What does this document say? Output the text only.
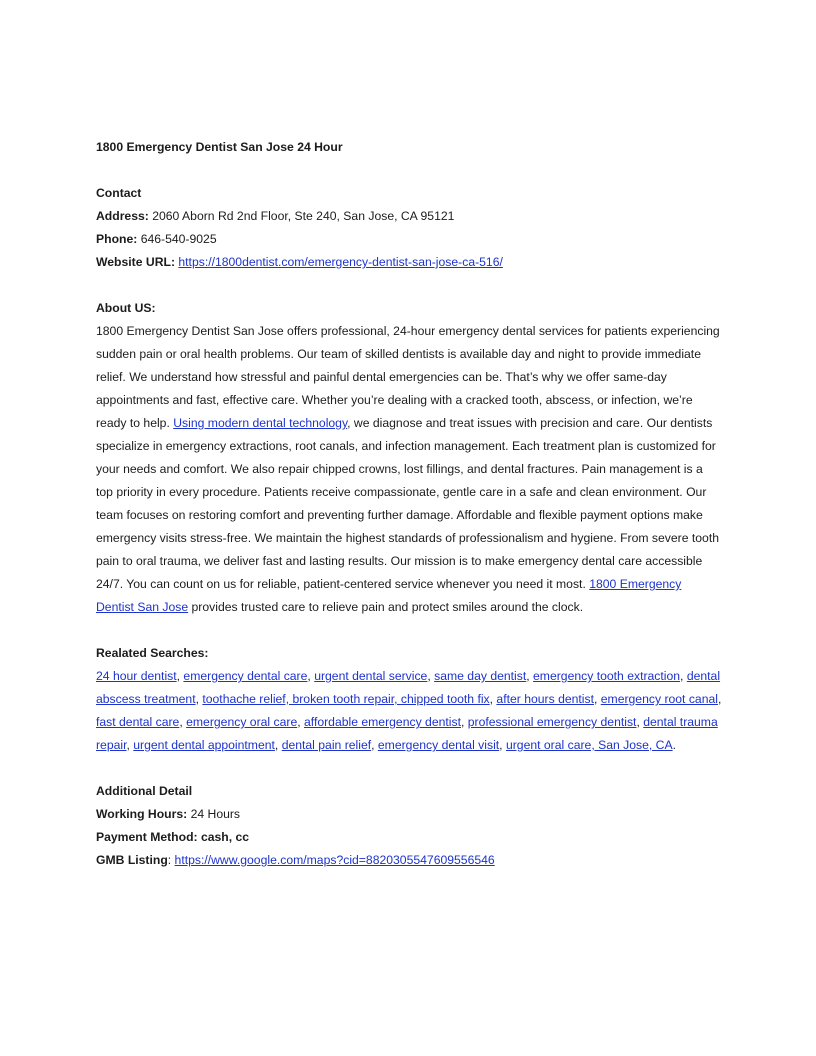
1800 Emergency Dentist San Jose 24 Hour

Contact

Address: 2060 Aborn Rd 2nd Floor, Ste 240, San Jose, CA 95121

Phone: 646-540-9025

Website URL: https://1800dentist.com/emergency-dentist-san-jose-ca-516/

About US:

1800 Emergency Dentist San Jose offers professional, 24-hour emergency dental services for patients experiencing sudden pain or oral health problems. Our team of skilled dentists is available day and night to provide immediate relief. We understand how stressful and painful dental emergencies can be. That’s why we offer same-day appointments and fast, effective care. Whether you’re dealing with a cracked tooth, abscess, or infection, we’re ready to help. Using modern dental technology, we diagnose and treat issues with precision and care. Our dentists specialize in emergency extractions, root canals, and infection management. Each treatment plan is customized for your needs and comfort. We also repair chipped crowns, lost fillings, and dental fractures. Pain management is a top priority in every procedure. Patients receive compassionate, gentle care in a safe and clean environment. Our team focuses on restoring comfort and preventing further damage. Affordable and flexible payment options make emergency visits stress-free. We maintain the highest standards of professionalism and hygiene. From severe tooth pain to oral trauma, we deliver fast and lasting results. Our mission is to make emergency dental care accessible 24/7. You can count on us for reliable, patient-centered service whenever you need it most. 1800 Emergency Dentist San Jose provides trusted care to relieve pain and protect smiles around the clock.

Realated Searches:

24 hour dentist, emergency dental care, urgent dental service, same day dentist, emergency tooth extraction, dental abscess treatment, toothache relief, broken tooth repair, chipped tooth fix, after hours dentist, emergency root canal, fast dental care, emergency oral care, affordable emergency dentist, professional emergency dentist, dental trauma repair, urgent dental appointment, dental pain relief, emergency dental visit, urgent oral care, San Jose, CA.

Additional Detail

Working Hours: 24 Hours

Payment Method: cash, cc

GMB Listing: https://www.google.com/maps?cid=8820305547609556546
